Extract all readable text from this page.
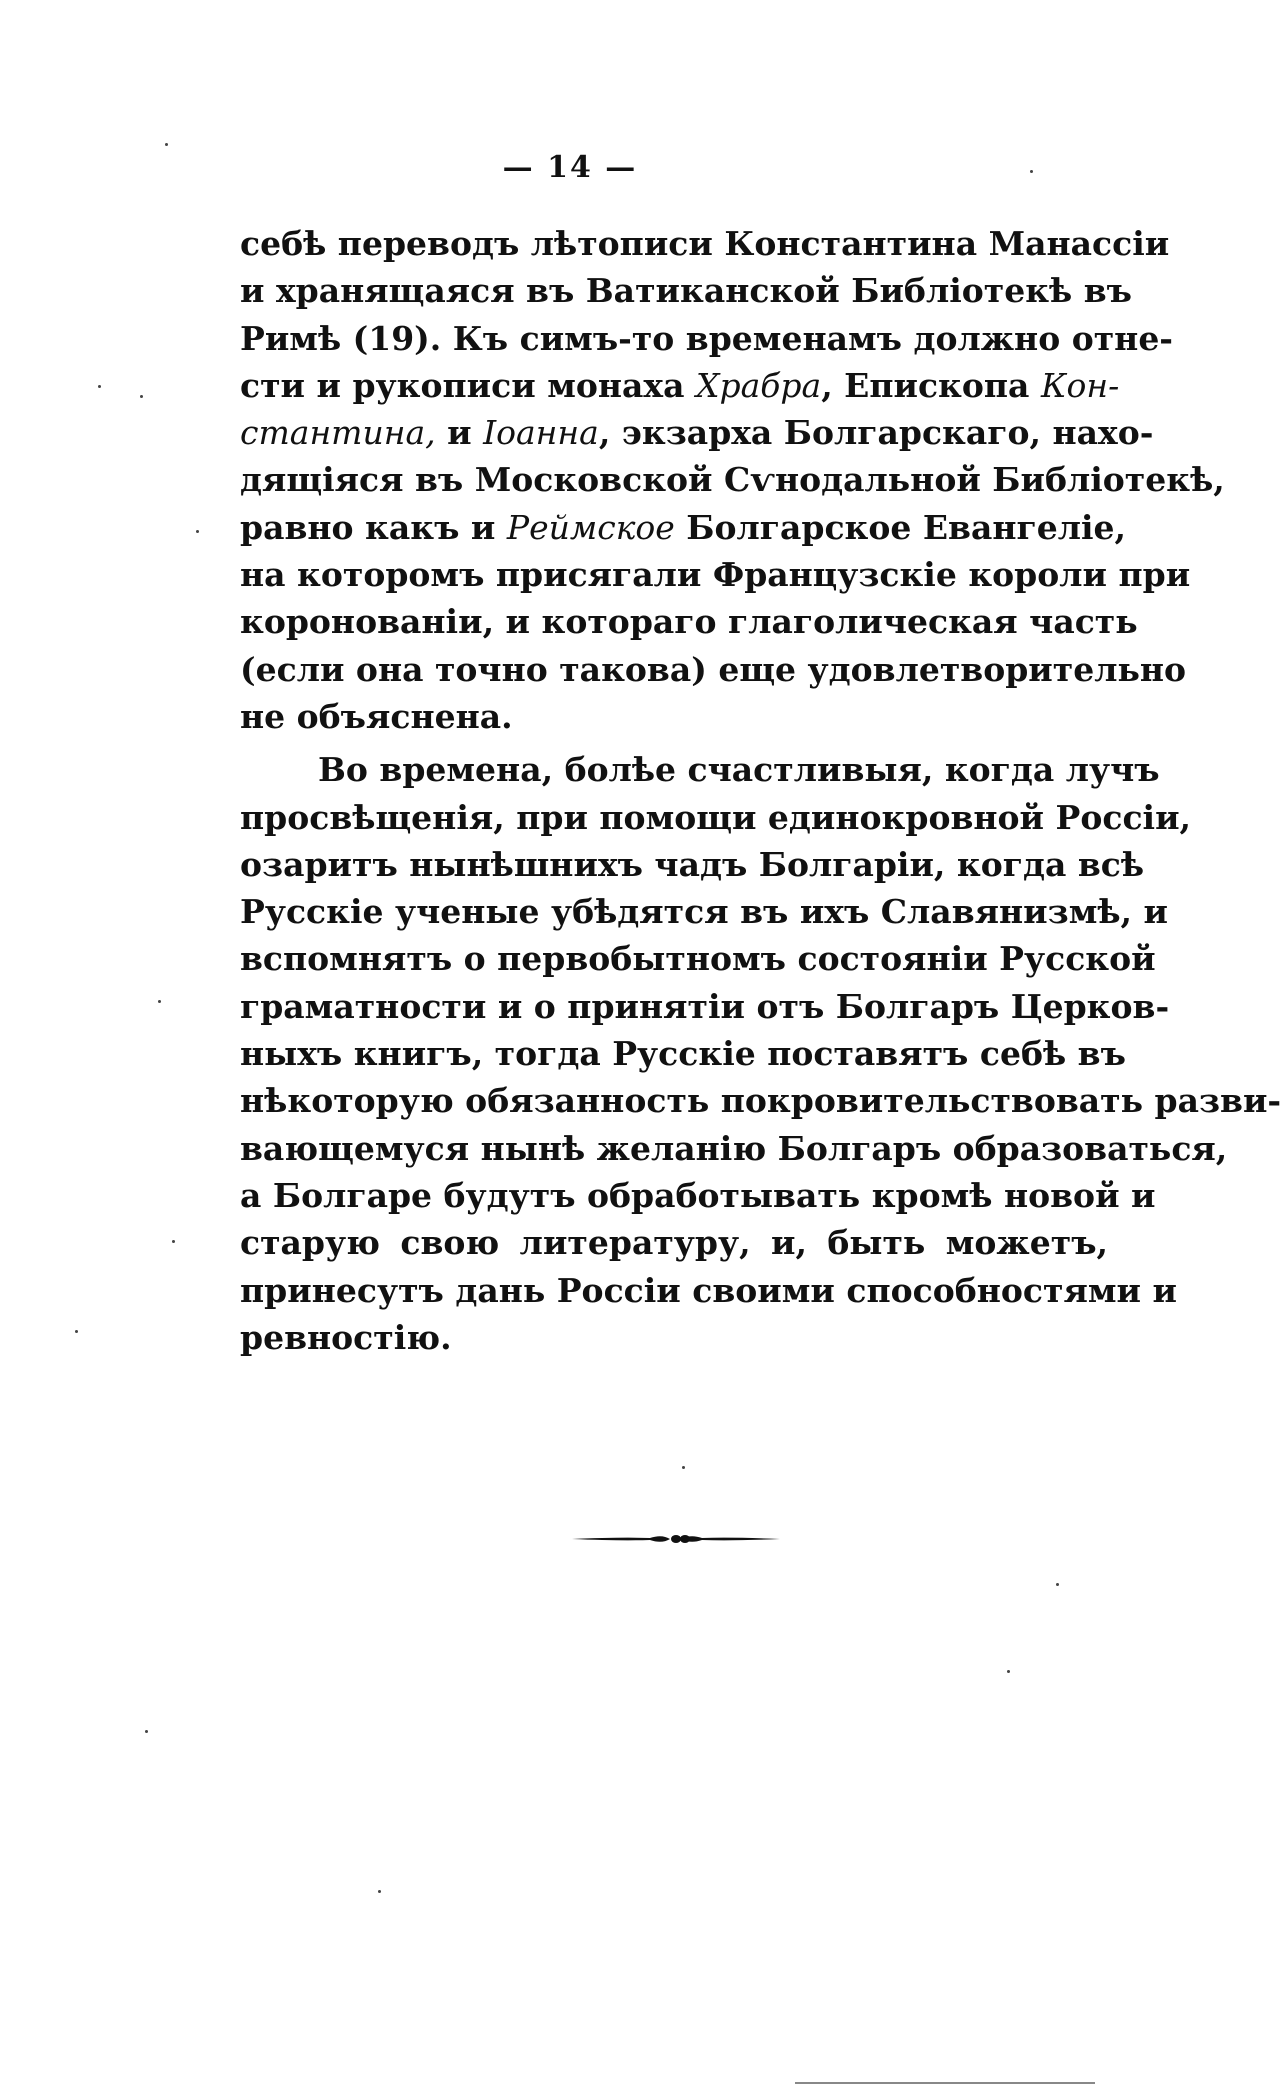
— 14 —
себѣ переводъ лѣтописи Константина Манассіи
и хранящаяся въ Ватиканской Библіотекѣ въ
Римѣ (19). Къ симъ-то временамъ должно отне-
сти и рукописи монаха Храбра, Епископа Кон-
стантина, и Іоанна, экзарха Болгарскаго, нахо-
дящіяся въ Московской Сѵнодальной Библіотекѣ,
равно какъ и Реймское Болгарское Евангеліе,
на которомъ присягали Французскіе короли при
коронованіи, и котораго глаголическая часть
(если она точно такова) еще удовлетворительно
не объяснена.
Во времена, болѣе счастливыя, когда лучъ
просвѣщенія, при помощи единокровной Россіи,
озаритъ нынѣшнихъ чадъ Болгаріи, когда всѣ
Русскіе ученые убѣдятся въ ихъ Славянизмѣ, и
вспомнятъ о первобытномъ состояніи Русской
граматности и о принятіи отъ Болгаръ Церков-
ныхъ книгъ, тогда Русскіе поставятъ себѣ въ
нѣкоторую обязанность покровительствовать разви-
вающемуся нынѣ желанію Болгаръ образоваться,
а Болгаре будутъ обработывать кромѣ новой и
старую свою литературу, и, быть можетъ,
принесутъ дань Россіи своими способностями и
ревностію.
